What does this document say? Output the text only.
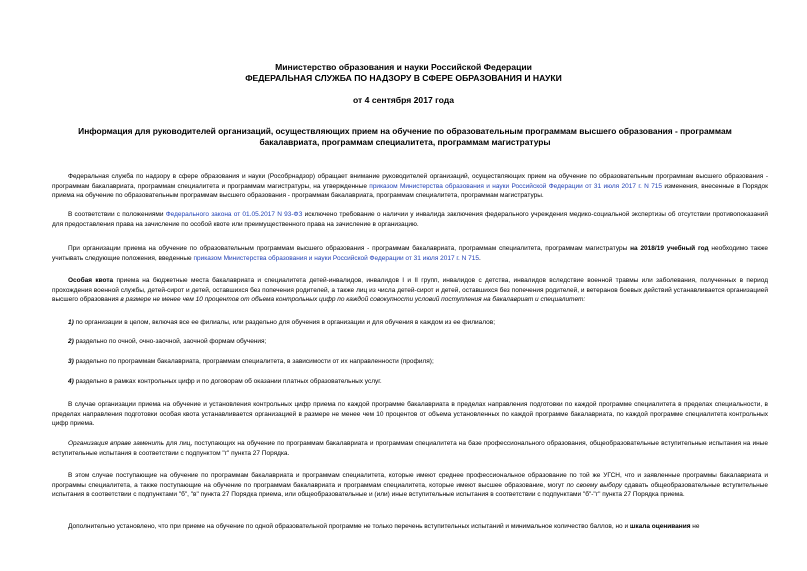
Министерство образования и науки Российской Федерации
ФЕДЕРАЛЬНАЯ СЛУЖБА ПО НАДЗОРУ В СФЕРЕ ОБРАЗОВАНИЯ И НАУКИ
от 4 сентября 2017 года
Информация для руководителей организаций, осуществляющих прием на обучение по образовательным программам высшего образования - программам бакалавриата, программам специалитета, программам магистратуры
Федеральная служба по надзору в сфере образования и науки (Рособрнадзор) обращает внимание руководителей организаций, осуществляющих прием на обучение по образовательным программам высшего образования - программам бакалавриата, программам специалитета и программам магистратуры, на утвержденные приказом Министерства образования и науки Российской Федерации от 31 июля 2017 г. N 715 изменения, внесенные в Порядок приема на обучение по образовательным программам высшего образования - программам бакалавриата, программам специалитета, программам магистратуры.
В соответствии с положениями Федерального закона от 01.05.2017 N 93-ФЗ исключено требование о наличии у инвалида заключения федерального учреждения медико-социальной экспертизы об отсутствии противопоказаний для предоставления права на зачисление по особой квоте или преимущественного права на зачисление в организацию.
При организации приема на обучение по образовательным программам высшего образования - программам бакалавриата, программам специалитета, программам магистратуры на 2018/19 учебный год необходимо также учитывать следующие положения, введенные приказом Министерства образования и науки Российской Федерации от 31 июля 2017 г. N 715.
Особая квота приема на бюджетные места бакалавриата и специалитета детей-инвалидов, инвалидов I и II групп, инвалидов с детства, инвалидов вследствие военной травмы или заболевания, полученных в период прохождения военной службы, детей-сирот и детей, оставшихся без попечения родителей, а также лиц из числа детей-сирот и детей, оставшихся без попечения родителей, и ветеранов боевых действий устанавливается организацией высшего образования в размере не менее чем 10 процентов от объема контрольных цифр по каждой совокупности условий поступления на бакалавриат и специалитет:
1) по организации в целом, включая все ее филиалы, или раздельно для обучения в организации и для обучения в каждом из ее филиалов;
2) раздельно по очной, очно-заочной, заочной формам обучения;
3) раздельно по программам бакалавриата, программам специалитета, в зависимости от их направленности (профиля);
4) раздельно в рамках контрольных цифр и по договорам об оказании платных образовательных услуг.
В случае организации приема на обучение и установления контрольных цифр приема по каждой программе бакалавриата в пределах направления подготовки по каждой программе специалитета в пределах специальности, в пределах направления подготовки особая квота устанавливается организацией в размере не менее чем 10 процентов от объема установленных по каждой программе бакалавриата, по каждой программе специалитета контрольных цифр приема.
Организация вправе заменить для лиц, поступающих на обучение по программам бакалавриата и программам специалитета на базе профессионального образования, общеобразовательные вступительные испытания на иные вступительные испытания в соответствии с подпунктом "г" пункта 27 Порядка.
В этом случае поступающие на обучение по программам бакалавриата и программам специалитета, которые имеют среднее профессиональное образование по той же УГСН, что и заявленные программы бакалавриата и программы специалитета, а также поступающие на обучение по программам бакалавриата и программам специалитета, которые имеют высшее образование, могут по своему выбору сдавать общеобразовательные вступительные испытания в соответствии с подпунктами "б", "в" пункта 27 Порядка приема, или общеобразовательные и (или) иные вступительные испытания в соответствии с подпунктами "б"-"г" пункта 27 Порядка приема.
Дополнительно установлено, что при приеме на обучение по одной образовательной программе не только перечень вступительных испытаний и минимальное количество баллов, но и шкала оценивания не
